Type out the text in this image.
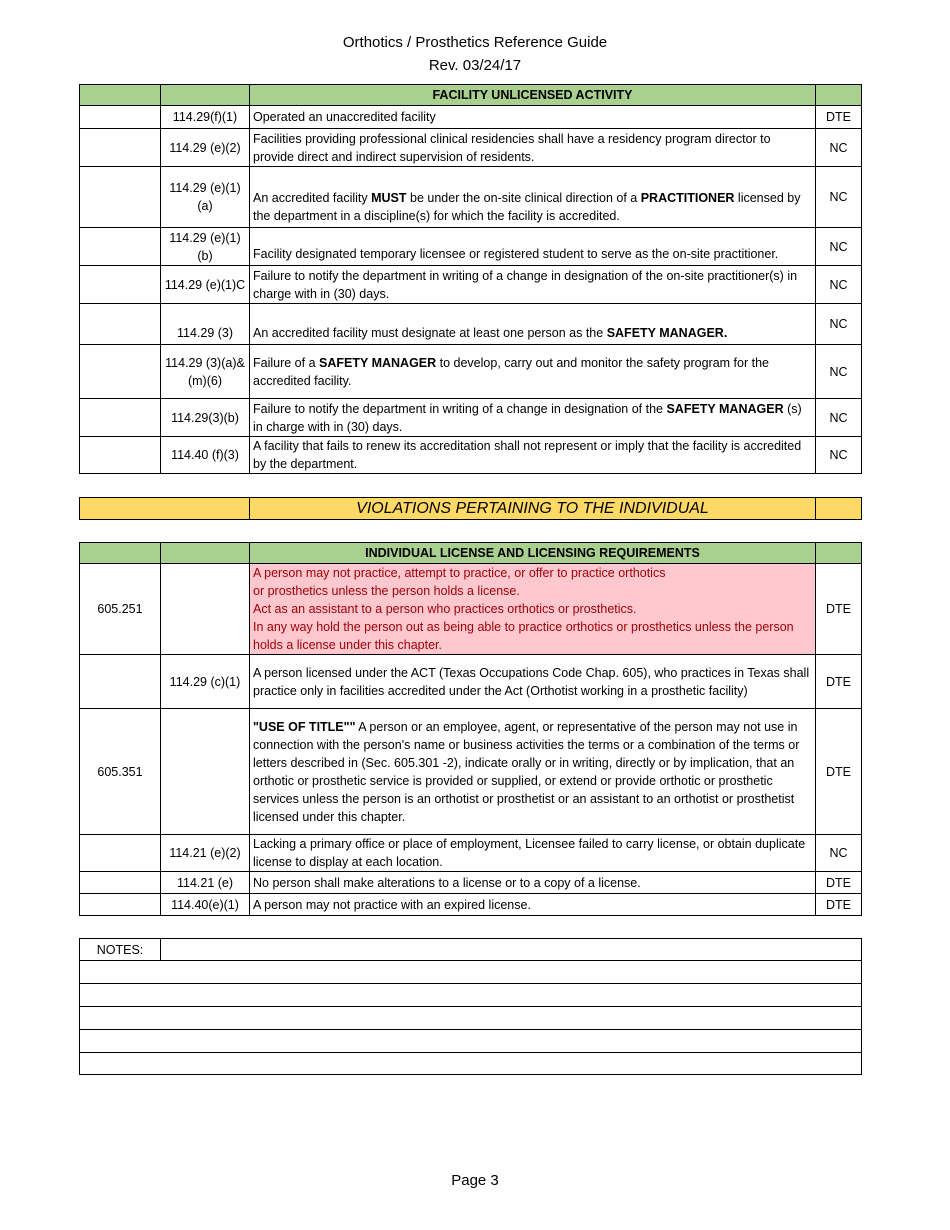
Orthotics / Prosthetics Reference Guide
Rev. 03/24/17
		FACILITY UNLICENSED ACTIVITY	
	114.29(f)(1)	Operated an unaccredited facility	DTE
	114.29 (e)(2)	Facilities providing professional clinical residencies shall have a residency program director to provide direct and indirect supervision of residents.	NC
	114.29 (e)(1)(a)	An accredited facility MUST be under the on-site clinical direction of a PRACTITIONER licensed by the department in a discipline(s) for which the facility is accredited.	NC
	114.29 (e)(1)(b)	Facility designated temporary licensee or registered student to serve as the on-site practitioner.	NC
	114.29 (e)(1)C	Failure to notify the department in writing of a change in designation of the on-site practitioner(s) in charge with in (30) days.	NC
	114.29 (3)	An accredited facility must designate at least one person as the SAFETY MANAGER.	NC
	114.29 (3)(a)& (m)(6)	Failure of a SAFETY MANAGER to develop, carry out and monitor the safety program for the accredited facility.	NC
	114.29(3)(b)	Failure to notify the department in writing of a change in designation of the SAFETY MANAGER (s) in charge with in (30) days.	NC
	114.40 (f)(3)	A facility that fails to renew its accreditation shall not represent or imply that the facility is accredited by the department.	NC
	VIOLATIONS PERTAINING TO THE INDIVIDUAL	
		INDIVIDUAL LICENSE AND LICENSING REQUIREMENTS	
605.251		A person may not practice, attempt to practice, or offer to practice orthotics
or prosthetics unless the person holds a license.
Act as an assistant to a person who practices orthotics or prosthetics.
In any way hold the person out as being able to practice orthotics or prosthetics unless the person holds a license under this chapter.	DTE
	114.29 (c)(1)	A person licensed under the ACT (Texas Occupations Code Chap. 605), who practices in Texas shall practice only in facilities accredited under the Act (Orthotist working in a prosthetic facility)	DTE
605.351		"USE OF TITLE"" A person or an employee, agent, or representative of the person may not use in connection with the person's name or business activities the terms or a combination of the terms or letters described in (Sec. 605.301 -2), indicate orally or in writing, directly or by implication, that an orthotic or prosthetic service is provided or supplied, or extend or provide orthotic or prosthetic services unless the person is an orthotist or prosthetist or an assistant to an orthotist or prosthetist licensed under this chapter.	DTE
	114.21 (e)(2)	Lacking a primary office or place of employment, Licensee failed to carry license, or obtain duplicate license to display at each location.	NC
	114.21 (e)	No person shall make alterations to a license or to a copy of a license.	DTE
	114.40(e)(1)	A person may not practice with an expired license.	DTE
NOTES:	

Page 3
